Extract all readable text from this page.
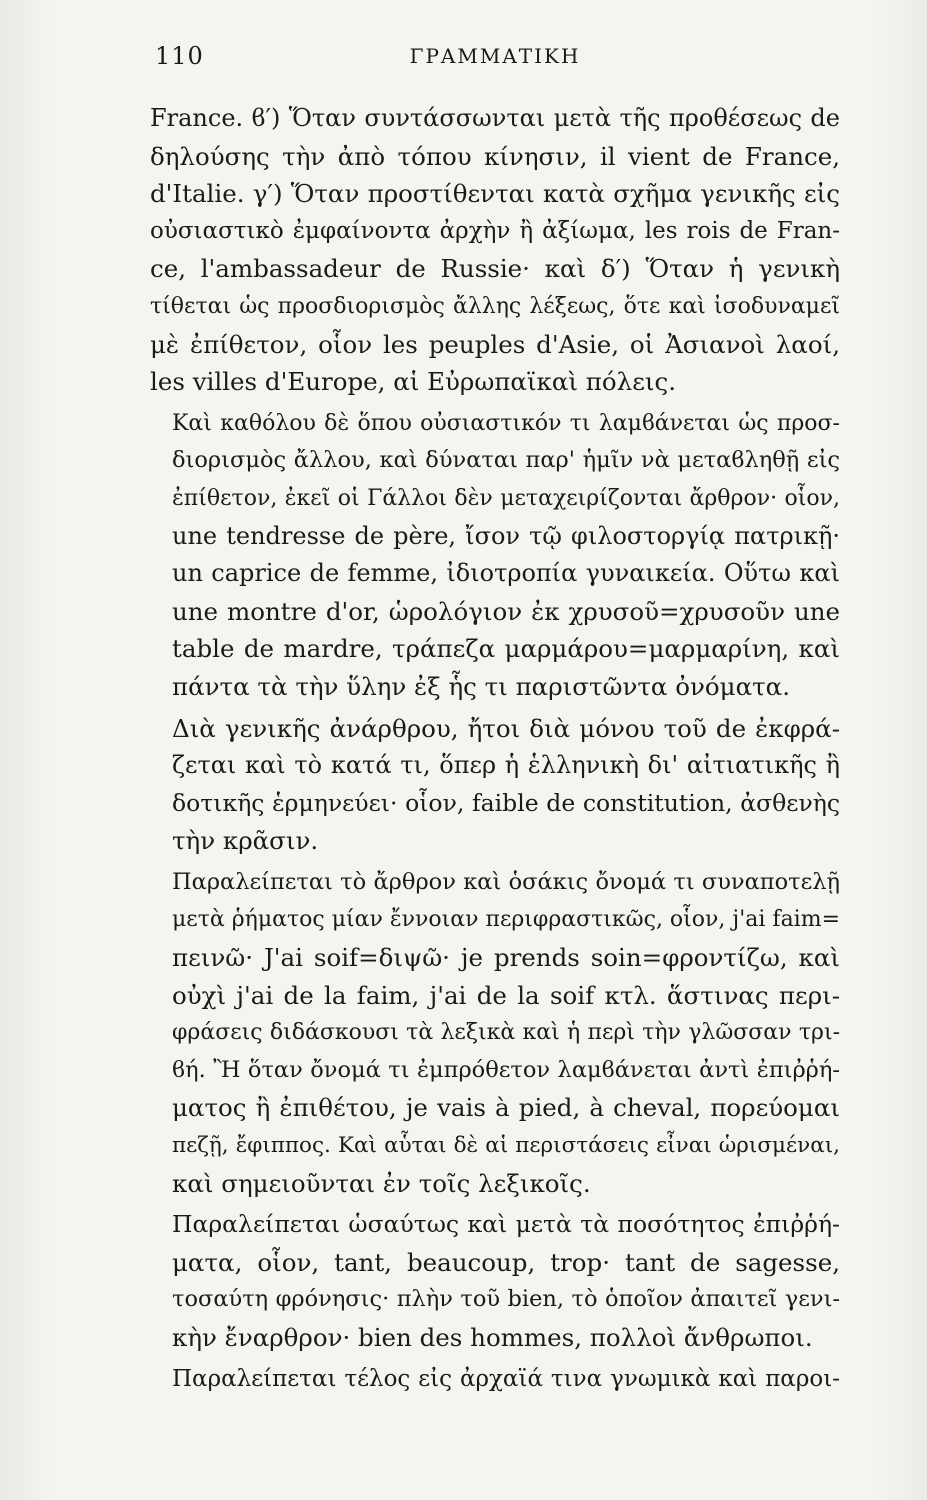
110	ΓΡΑΜΜΑΤΙΚΗ
France. ϐ′) Ὅταν συντάσσωνται μετὰ τῆς προθέσεως de
δηλούσης τὴν ἀπὸ τόπου κίνησιν, il vient de France,
d'Italie. γ′) Ὅταν προστίθενται κατὰ σχῆμα γενικῆς εἰς
οὐσιαστικὸ ἐμφαίνοντα ἀρχὴν ἢ ἀξίωμα, les rois de Fran-
ce, l'ambassadeur de Russie· καὶ δ′) Ὅταν ἡ γενικὴ
τίθεται ὡς προσδιορισμὸς ἄλλης λέξεως, ὅτε καὶ ἰσοδυναμεῖ
μὲ ἐπίθετον, οἷον les peuples d'Asie, οἱ Ἀσιανοὶ λαοί,
les villes d'Europe, αἱ Εὐρωπαϊκαὶ πόλεις.
Καὶ καθόλου δὲ ὅπου οὐσιαστικόν τι λαμϐάνεται ὡς προσ-
διορισμὸς ἄλλου, καὶ δύναται παρ' ἡμῖν νὰ μεταϐληθῇ εἰς
ἐπίθετον, ἐκεῖ οἱ Γάλλοι δὲν μεταχειρίζονται ἄρθρον· οἷον,
une tendresse de père, ἴσον τῷ φιλοστοργίᾳ πατρικῇ·
un caprice de femme, ἰδιοτροπία γυναικεία. Οὕτω καὶ
une montre d'or, ὡρολόγιον ἐκ χρυσοῦ=χρυσοῦν une
table de mardre, τράπεζα μαρμάρου=μαρμαρίνη, καὶ
πάντα τὰ τὴν ὕλην ἐξ ἧς τι παριστῶντα ὀνόματα.
Διὰ γενικῆς ἀνάρθρου, ἤτοι διὰ μόνου τοῦ de ἐκφρά-
ζεται καὶ τὸ κατά τι, ὅπερ ἡ ἑλληνικὴ δι' αἰτιατικῆς ἢ
δοτικῆς ἑρμηνεύει· οἷον, faible de constitution, ἀσθενὴς
τὴν κρᾶσιν.
Παραλείπεται τὸ ἄρθρον καὶ ὁσάκις ὄνομά τι συναποτελῇ
μετὰ ῥήματος μίαν ἔννοιαν περιφραστικῶς, οἷον, j'ai faim=
πεινῶ· J'ai soif=διψῶ· je prends soin=φροντίζω, καὶ
οὐχὶ j'ai de la faim, j'ai de la soif κτλ. ἅστινας περι-
φράσεις διδάσκουσι τὰ λεξικὰ καὶ ἡ περὶ τὴν γλῶσσαν τρι-
ϐή. Ἢ ὅταν ὄνομά τι ἐμπρόθετον λαμϐάνεται ἀντὶ ἐπιῤῥή-
ματος ἢ ἐπιθέτου, je vais à pied, à cheval, πορεύομαι
πεζῇ, ἔφιππος. Καὶ αὗται δὲ αἱ περιστάσεις εἶναι ὡρισμέναι,
καὶ σημειοῦνται ἐν τοῖς λεξικοῖς.
Παραλείπεται ὡσαύτως καὶ μετὰ τὰ ποσότητος ἐπιῤῥή-
ματα, οἷον, tant, beaucoup, trop· tant de sagesse,
τοσαύτη φρόνησις· πλὴν τοῦ bien, τὸ ὁποῖον ἀπαιτεῖ γενι-
κὴν ἔναρθρον· bien des hommes, πολλοὶ ἄνθρωποι.
Παραλείπεται τέλος εἰς ἀρχαϊά τινα γνωμικὰ καὶ παροι-
